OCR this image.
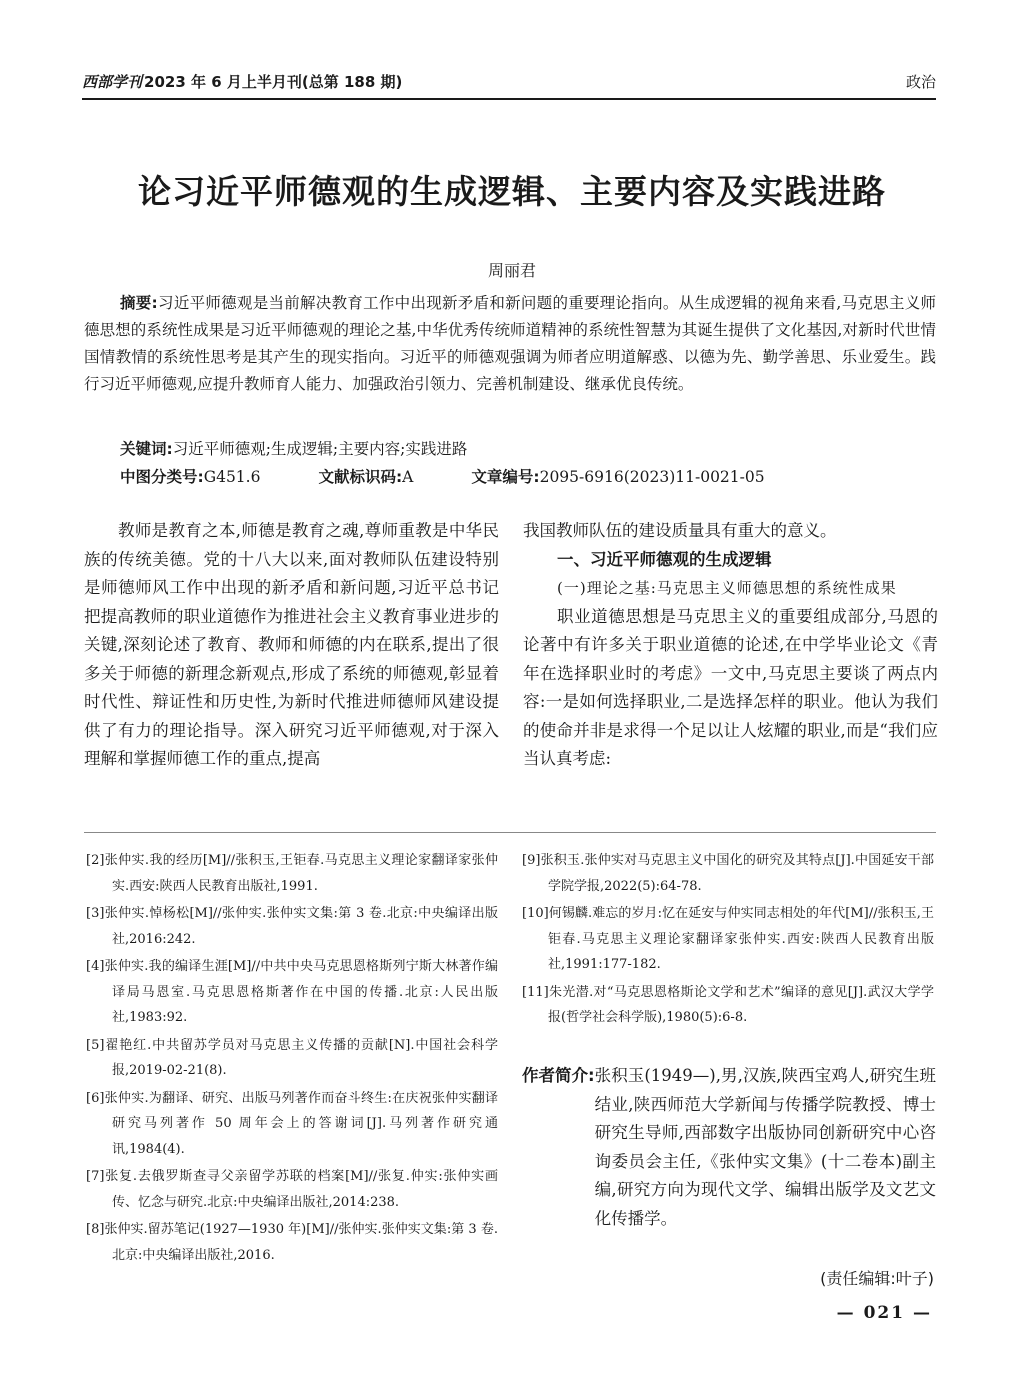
西部学刊 2023 年 6 月上半月刊(总第 188 期)	政治
论习近平师德观的生成逻辑、主要内容及实践进路
周丽君
摘要:习近平师德观是当前解决教育工作中出现新矛盾和新问题的重要理论指向。从生成逻辑的视角来看,马克思主义师德思想的系统性成果是习近平师德观的理论之基,中华优秀传统师道精神的系统性智慧为其诞生提供了文化基因,对新时代世情国情教情的系统性思考是其产生的现实指向。习近平的师德观强调为师者应明道解惑、以德为先、勤学善思、乐业爱生。践行习近平师德观,应提升教师育人能力、加强政治引领力、完善机制建设、继承优良传统。
关键词:习近平师德观;生成逻辑;主要内容;实践进路
中图分类号:G451.6	文献标识码:A	文章编号:2095-6916(2023)11-0021-05

教师是教育之本,师德是教育之魂,尊师重教是中华民族的传统美德。党的十八大以来,面对教师队伍建设特别是师德师风工作中出现的新矛盾和新问题,习近平总书记把提高教师的职业道德作为推进社会主义教育事业进步的关键,深刻论述了教育、教师和师德的内在联系,提出了很多关于师德的新理念新观点,形成了系统的师德观,彰显着时代性、辩证性和历史性,为新时代推进师德师风建设提供了有力的理论指导。深入研究习近平师德观,对于深入理解和掌握师德工作的重点,提高

我国教师队伍的建设质量具有重大的意义。

一、习近平师德观的生成逻辑

(一)理论之基:马克思主义师德思想的系统性成果

职业道德思想是马克思主义的重要组成部分,马恩的论著中有许多关于职业道德的论述,在中学毕业论文《青年在选择职业时的考虑》一文中,马克思主要谈了两点内容:一是如何选择职业,二是选择怎样的职业。他认为我们的使命并非是求得一个足以让人炫耀的职业,而是“我们应当认真考虑:

[2]张仲实.我的经历[M]//张积玉,王钜春.马克思主义理论家翻译家张仲实.西安:陕西人民教育出版社,1991.

[3]张仲实.悼杨松[M]//张仲实.张仲实文集:第 3 卷.北京:中央编译出版社,2016:242.

[4]张仲实.我的编译生涯[M]//中共中央马克思恩格斯列宁斯大林著作编译局马恩室.马克思恩格斯著作在中国的传播.北京:人民出版社,1983:92.

[5]翟艳红.中共留苏学员对马克思主义传播的贡献[N].中国社会科学报,2019-02-21(8).

[6]张仲实.为翻译、研究、出版马列著作而奋斗终生:在庆祝张仲实翻译研究马列著作 50 周年会上的答谢词[J].马列著作研究通讯,1984(4).

[7]张复.去俄罗斯查寻父亲留学苏联的档案[M]//张复.仲实:张仲实画传、忆念与研究.北京:中央编译出版社,2014:238.

[8]张仲实.留苏笔记(1927—1930 年)[M]//张仲实.张仲实文集:第 3 卷.北京:中央编译出版社,2016.

[9]张积玉.张仲实对马克思主义中国化的研究及其特点[J].中国延安干部学院学报,2022(5):64-78.

[10]何锡麟.难忘的岁月:忆在延安与仲实同志相处的年代[M]//张积玉,王钜春.马克思主义理论家翻译家张仲实.西安:陕西人民教育出版社,1991:177-182.

[11]朱光潜.对“马克思恩格斯论文学和艺术”编译的意见[J].武汉大学学报(哲学社会科学版),1980(5):6-8.

作者简介: 张积玉(1949—),男,汉族,陕西宝鸡人,研究生班结业,陕西师范大学新闻与传播学院教授、博士研究生导师,西部数字出版协同创新研究中心咨询委员会主任,《张仲实文集》(十二卷本)副主编,研究方向为现代文学、编辑出版学及文艺文化传播学。
(责任编辑:叶子)
— 021 —
